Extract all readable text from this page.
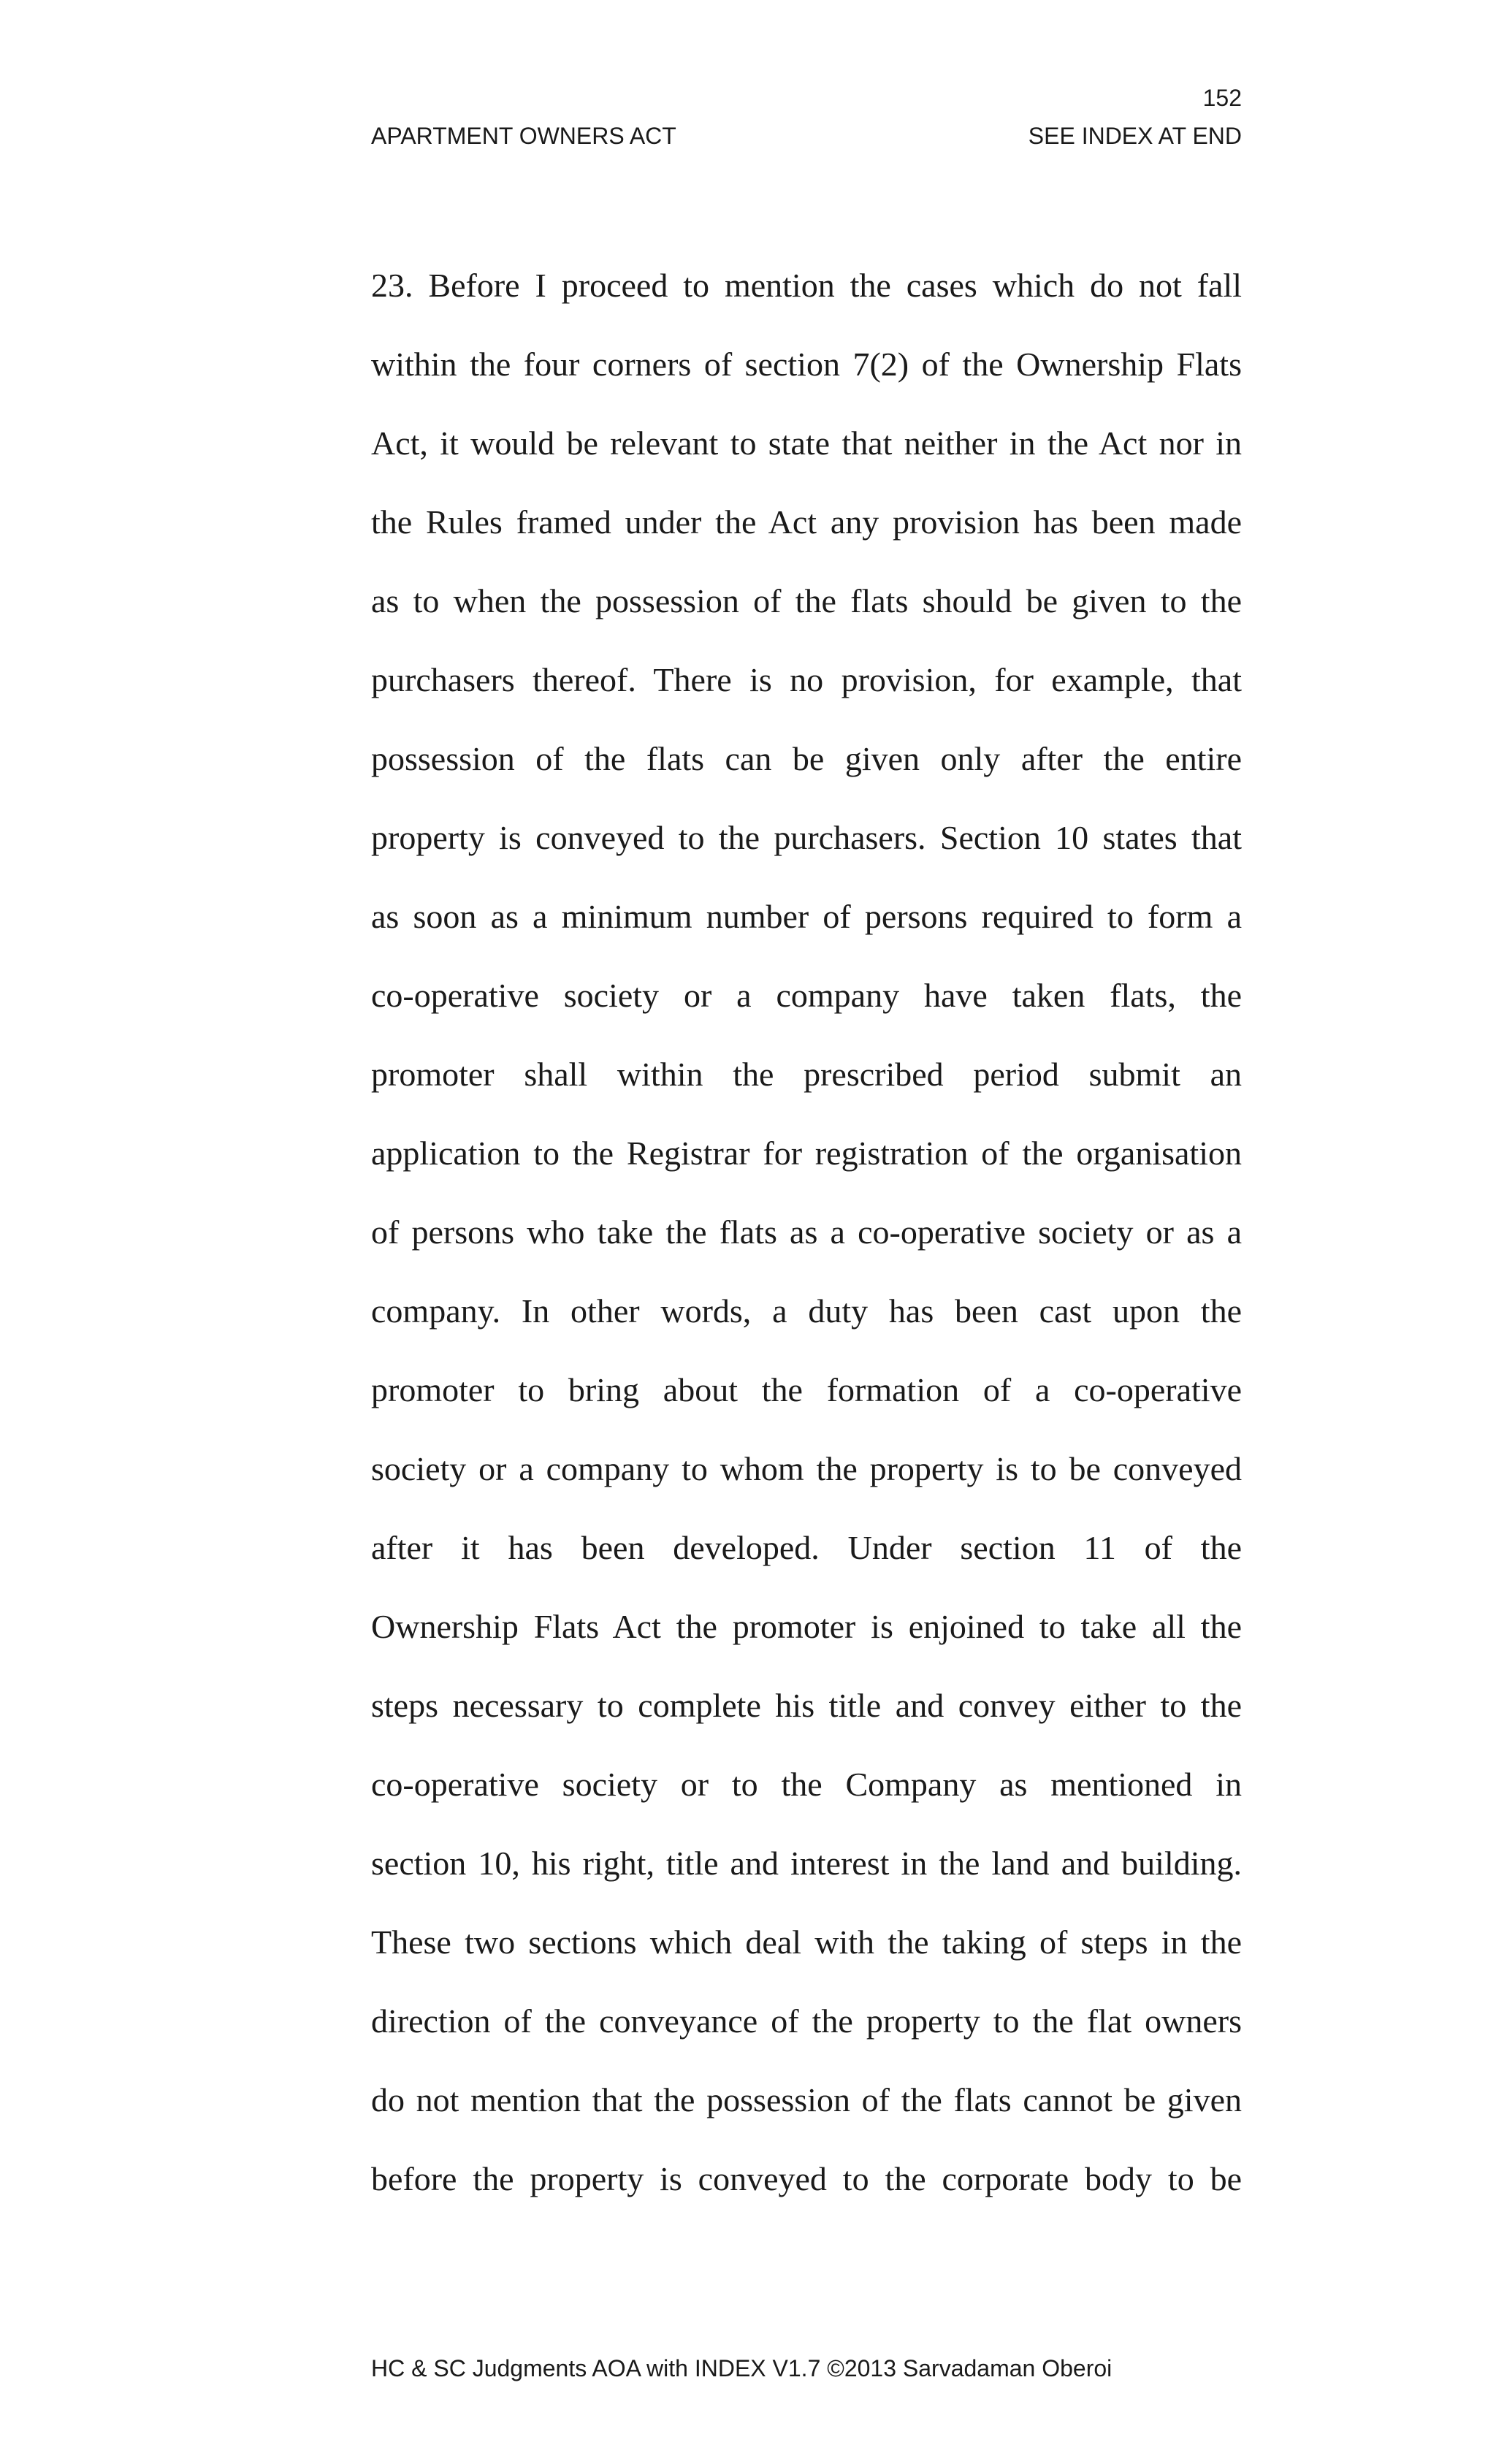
152
APARTMENT OWNERS ACT	SEE INDEX AT END
23. Before I proceed to mention the cases which do not fall
within the four corners of section 7(2) of the Ownership Flats
Act, it would be relevant to state that neither in the Act nor in
the Rules framed under the Act any provision has been made
as to when the possession of the flats should be given to the
purchasers thereof. There is no provision, for example, that
possession of the flats can be given only after the entire
property is conveyed to the purchasers. Section 10 states that
as soon as a minimum number of persons required to form a
co-operative society or a company have taken flats, the
promoter shall within the prescribed period submit an
application to the Registrar for registration of the organisation
of persons who take the flats as a co-operative society or as a
company. In other words, a duty has been cast upon the
promoter to bring about the formation of a co-operative
society or a company to whom the property is to be conveyed
after it has been developed. Under section 11 of the
Ownership Flats Act the promoter is enjoined to take all the
steps necessary to complete his title and convey either to the
co-operative society or to the Company as mentioned in
section 10, his right, title and interest in the land and building.
These two sections which deal with the taking of steps in the
direction of the conveyance of the property to the flat owners
do not mention that the possession of the flats cannot be given
before the property is conveyed to the corporate body to be
HC & SC Judgments AOA with INDEX V1.7 ©2013 Sarvadaman Oberoi
